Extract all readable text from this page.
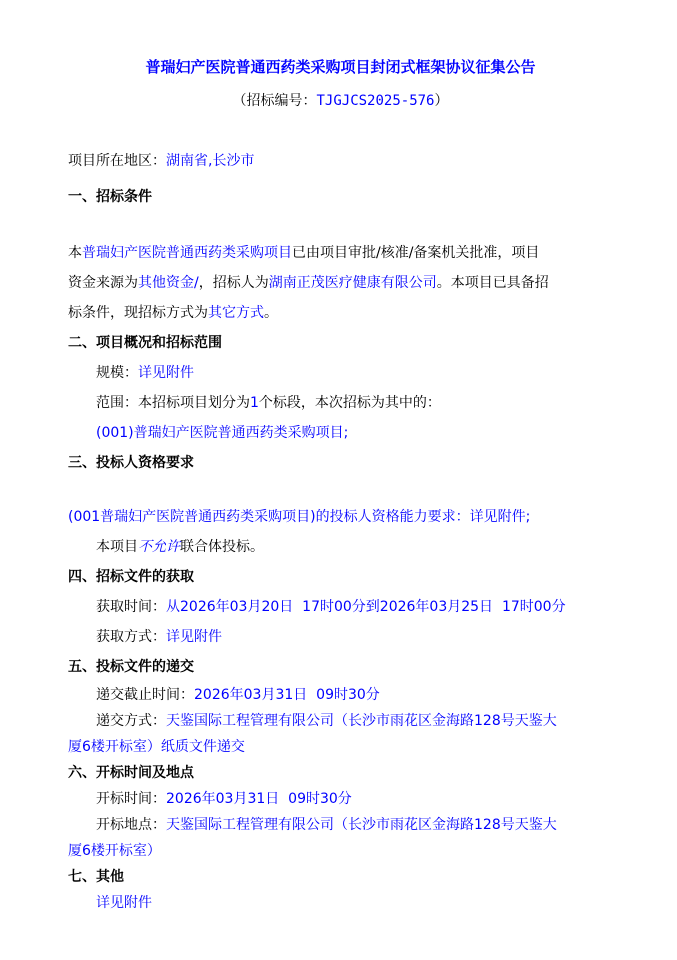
普瑞妇产医院普通西药类采购项目封闭式框架协议征集公告
（招标编号：TJGJCS2025-576）
项目所在地区：湖南省,长沙市
一、招标条件
本普瑞妇产医院普通西药类采购项目已由项目审批/核准/备案机关批准，项目
资金来源为其他资金/，招标人为湖南正茂医疗健康有限公司。本项目已具备招
标条件，现招标方式为其它方式。
二、项目概况和招标范围
规模：详见附件
范围：本招标项目划分为1个标段，本次招标为其中的：
(001)普瑞妇产医院普通西药类采购项目;
三、投标人资格要求
(001普瑞妇产医院普通西药类采购项目)的投标人资格能力要求：详见附件;
本项目不允许联合体投标。
四、招标文件的获取
获取时间：从2026年03月20日  17时00分到2026年03月25日  17时00分
获取方式：详见附件
五、投标文件的递交
递交截止时间：2026年03月31日  09时30分
递交方式：天鉴国际工程管理有限公司（长沙市雨花区金海路128号天鉴大
厦6楼开标室）纸质文件递交
六、开标时间及地点
开标时间：2026年03月31日  09时30分
开标地点：天鉴国际工程管理有限公司（长沙市雨花区金海路128号天鉴大
厦6楼开标室）
七、其他
详见附件
